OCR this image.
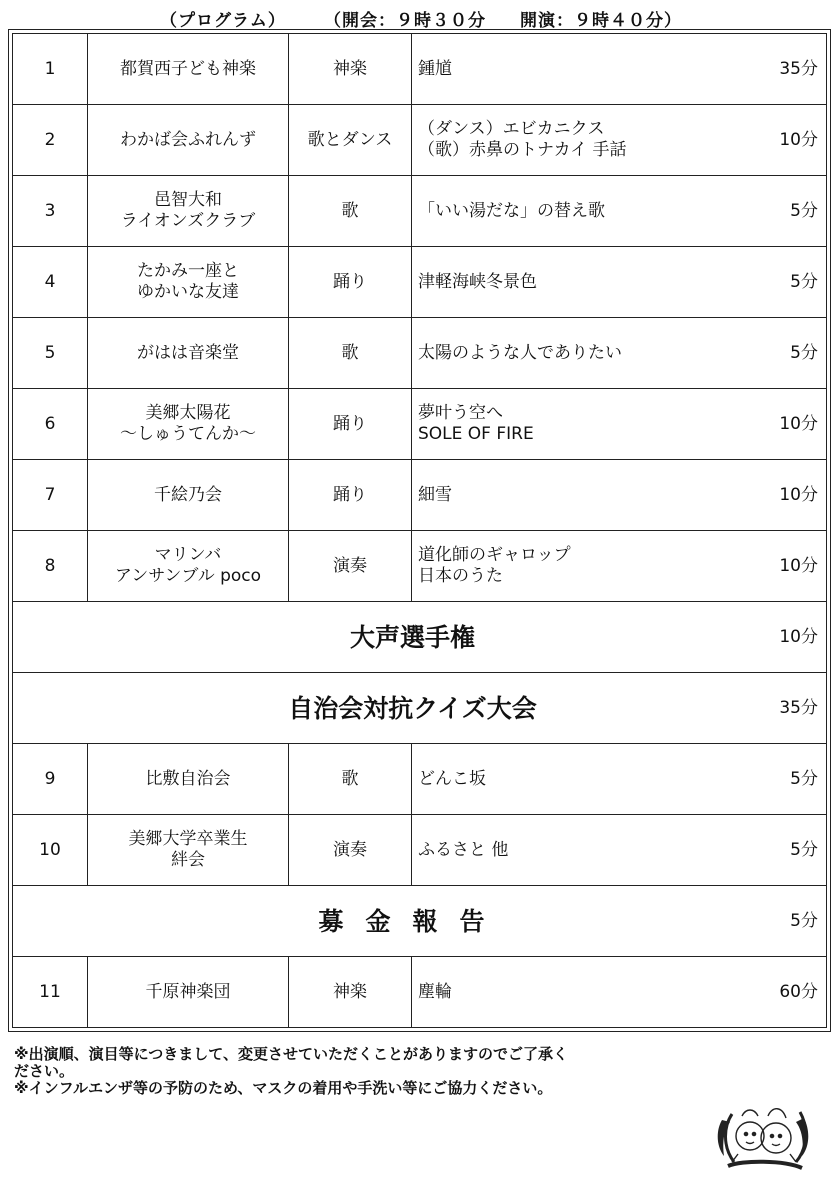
（プログラム） （開会：９時３０分 開演：９時４０分）
1	都賀西子ども神楽	神楽	鍾馗	35分
2	わかば会ふれんず	歌とダンス	（ダンス）エビカニクス
（歌）赤鼻のトナカイ 手話	10分
3	邑智大和
ライオンズクラブ	歌	「いい湯だな」の替え歌	5分
4	たかみ一座と
ゆかいな友達	踊り	津軽海峡冬景色	5分
5	がはは音楽堂	歌	太陽のような人でありたい	5分
6	美郷太陽花
～しゅうてんか～	踊り	夢叶う空へ
SOLE OF FIRE	10分
7	千絵乃会	踊り	細雪	10分
8	マリンバ
アンサンブル poco	演奏	道化師のギャロップ
日本のうた	10分
大声選手権				10分
自治会対抗クイズ大会				35分
9	比敷自治会	歌	どんこ坂	5分
10	美郷大学卒業生
絆会	演奏	ふるさと 他	5分
募金報告				5分
11	千原神楽団	神楽	塵輪	60分
※出演順、演目等につきまして、変更させていただくことがありますのでご了承く
ださい。
※インフルエンザ等の予防のため、マスクの着用や手洗い等にご協力ください。
